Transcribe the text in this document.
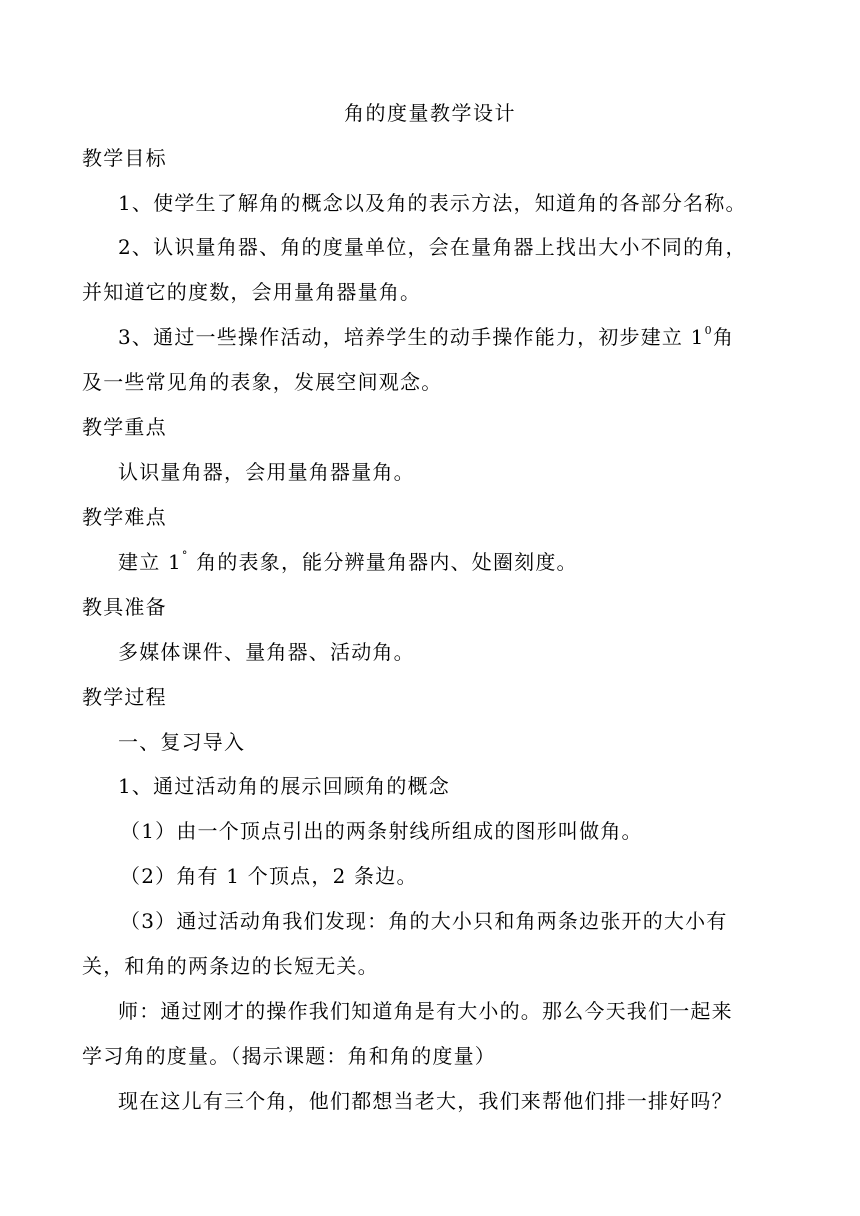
角的度量教学设计
教学目标
1、使学生了解角的概念以及角的表示方法，知道角的各部分名称。
2、认识量角器、角的度量单位，会在量角器上找出大小不同的角，
并知道它的度数，会用量角器量角。
3、通过一些操作活动，培养学生的动手操作能力，初步建立 $1^0$角
及一些常见角的表象，发展空间观念。
教学重点
认识量角器，会用量角器量角。
教学难点
建立 1° 角的表象，能分辨量角器内、处圈刻度。
教具准备
多媒体课件、量角器、活动角。
教学过程
一、复习导入
1、通过活动角的展示回顾角的概念
（1）由一个顶点引出的两条射线所组成的图形叫做角。
（2）角有 1 个顶点，2 条边。
（3）通过活动角我们发现：角的大小只和角两条边张开的大小有
关，和角的两条边的长短无关。
师：通过刚才的操作我们知道角是有大小的。那么今天我们一起来
学习角的度量。（揭示课题：角和角的度量）
现在这儿有三个角，他们都想当老大，我们来帮他们排一排好吗？
